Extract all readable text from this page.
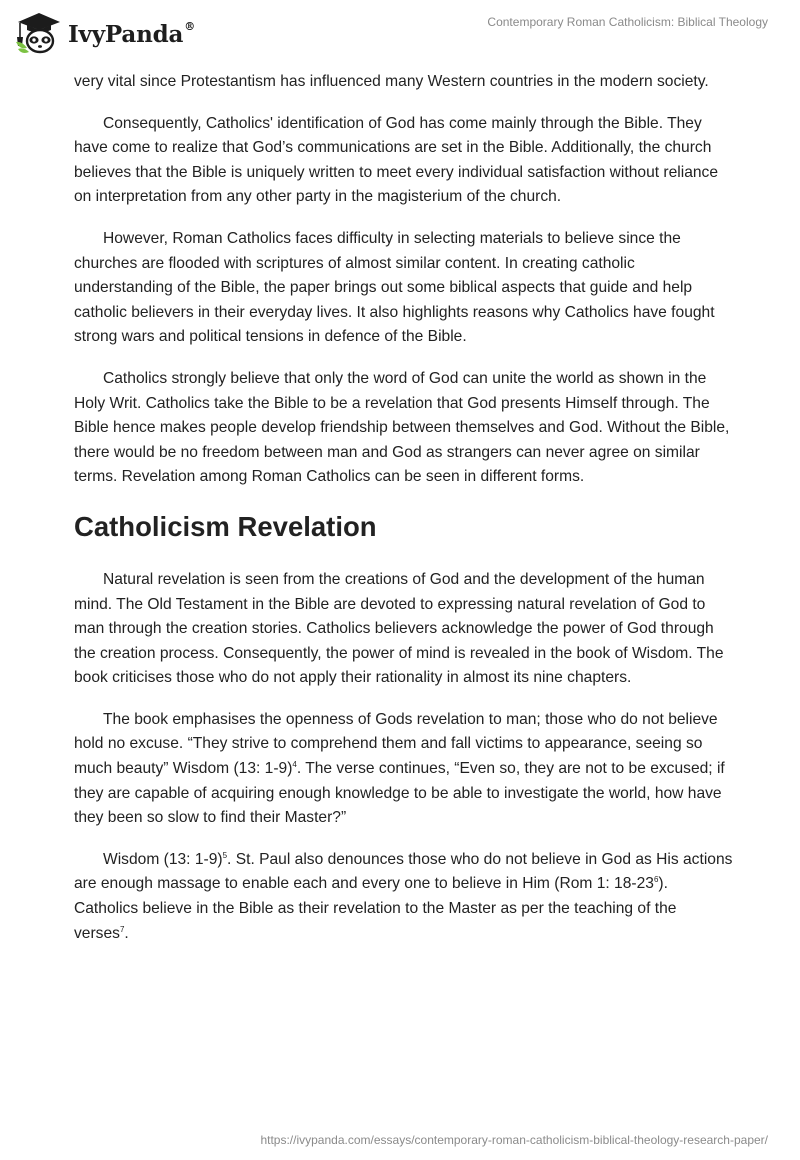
IvyPanda®	Contemporary Roman Catholicism: Biblical Theology

very vital since Protestantism has influenced many Western countries in the modern society.

Consequently, Catholics' identification of God has come mainly through the Bible. They have come to realize that God’s communications are set in the Bible. Additionally, the church believes that the Bible is uniquely written to meet every individual satisfaction without reliance on interpretation from any other party in the magisterium of the church.

However, Roman Catholics faces difficulty in selecting materials to believe since the churches are flooded with scriptures of almost similar content. In creating catholic understanding of the Bible, the paper brings out some biblical aspects that guide and help catholic believers in their everyday lives. It also highlights reasons why Catholics have fought strong wars and political tensions in defence of the Bible.

Catholics strongly believe that only the word of God can unite the world as shown in the Holy Writ. Catholics take the Bible to be a revelation that God presents Himself through. The Bible hence makes people develop friendship between themselves and God. Without the Bible, there would be no freedom between man and God as strangers can never agree on similar terms. Revelation among Roman Catholics can be seen in different forms.

Catholicism Revelation

Natural revelation is seen from the creations of God and the development of the human mind. The Old Testament in the Bible are devoted to expressing natural revelation of God to man through the creation stories. Catholics believers acknowledge the power of God through the creation process. Consequently, the power of mind is revealed in the book of Wisdom. The book criticises those who do not apply their rationality in almost its nine chapters.

The book emphasises the openness of Gods revelation to man; those who do not believe hold no excuse. “They strive to comprehend them and fall victims to appearance, seeing so much beauty” Wisdom (13: 1-9)$^4$. The verse continues, “Even so, they are not to be excused; if they are capable of acquiring enough knowledge to be able to investigate the world, how have they been so slow to find their Master?”

Wisdom (13: 1-9)$^5$. St. Paul also denounces those who do not believe in God as His actions are enough massage to enable each and every one to believe in Him (Rom 1: 18-23$^6$). Catholics believe in the Bible as their revelation to the Master as per the teaching of the verses$^7$.

https://ivypanda.com/essays/contemporary-roman-catholicism-biblical-theology-research-paper/
